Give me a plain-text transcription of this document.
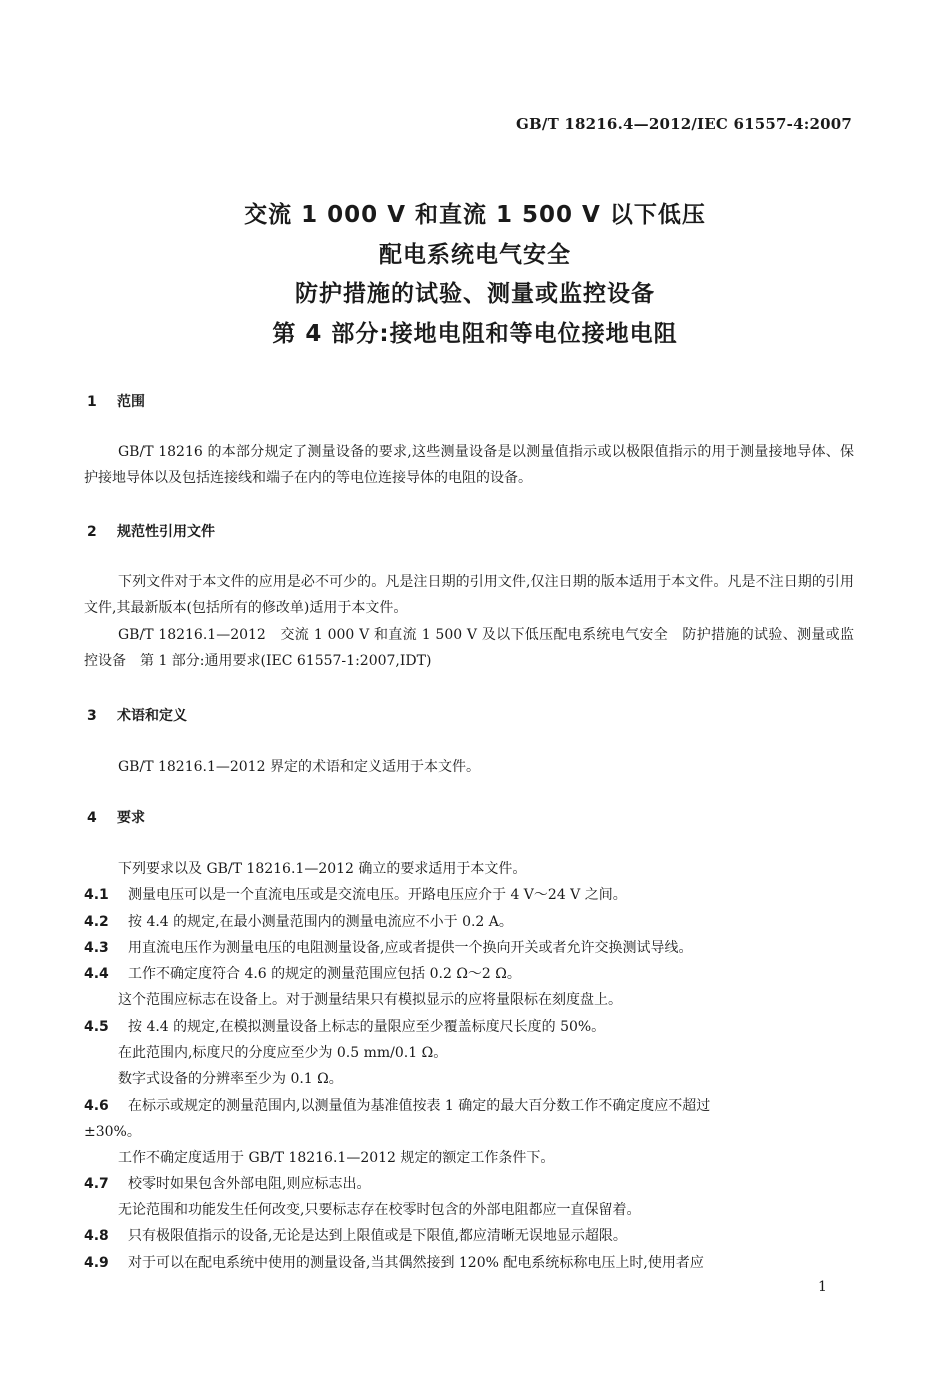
GB/T 18216.4—2012/IEC 61557-4:2007
交流 1 000 V 和直流 1 500 V 以下低压
配电系统电气安全
防护措施的试验、测量或监控设备
第 4 部分:接地电阻和等电位接地电阻
1 范围
GB/T 18216 的本部分规定了测量设备的要求,这些测量设备是以测量值指示或以极限值指示的用于测量接地导体、保护接地导体以及包括连接线和端子在内的等电位连接导体的电阻的设备。
2 规范性引用文件
下列文件对于本文件的应用是必不可少的。凡是注日期的引用文件,仅注日期的版本适用于本文件。凡是不注日期的引用文件,其最新版本(包括所有的修改单)适用于本文件。
GB/T 18216.1—2012　交流 1 000 V 和直流 1 500 V 及以下低压配电系统电气安全　防护措施的试验、测量或监控设备　第 1 部分:通用要求(IEC 61557-1:2007,IDT)
3 术语和定义
GB/T 18216.1—2012 界定的术语和定义适用于本文件。
4 要求
下列要求以及 GB/T 18216.1—2012 确立的要求适用于本文件。
4.1 测量电压可以是一个直流电压或是交流电压。开路电压应介于 4 V～24 V 之间。
4.2 按 4.4 的规定,在最小测量范围内的测量电流应不小于 0.2 A。
4.3 用直流电压作为测量电压的电阻测量设备,应或者提供一个换向开关或者允许交换测试导线。
4.4 工作不确定度符合 4.6 的规定的测量范围应包括 0.2 Ω～2 Ω。
这个范围应标志在设备上。对于测量结果只有模拟显示的应将量限标在刻度盘上。
4.5 按 4.4 的规定,在模拟测量设备上标志的量限应至少覆盖标度尺长度的 50%。
在此范围内,标度尺的分度应至少为 0.5 mm/0.1 Ω。
数字式设备的分辨率至少为 0.1 Ω。
4.6 在标示或规定的测量范围内,以测量值为基准值按表 1 确定的最大百分数工作不确定度应不超过
±30%。
工作不确定度适用于 GB/T 18216.1—2012 规定的额定工作条件下。
4.7 校零时如果包含外部电阻,则应标志出。
无论范围和功能发生任何改变,只要标志存在校零时包含的外部电阻都应一直保留着。
4.8 只有极限值指示的设备,无论是达到上限值或是下限值,都应清晰无误地显示超限。
4.9 对于可以在配电系统中使用的测量设备,当其偶然接到 120% 配电系统标称电压上时,使用者应
1
